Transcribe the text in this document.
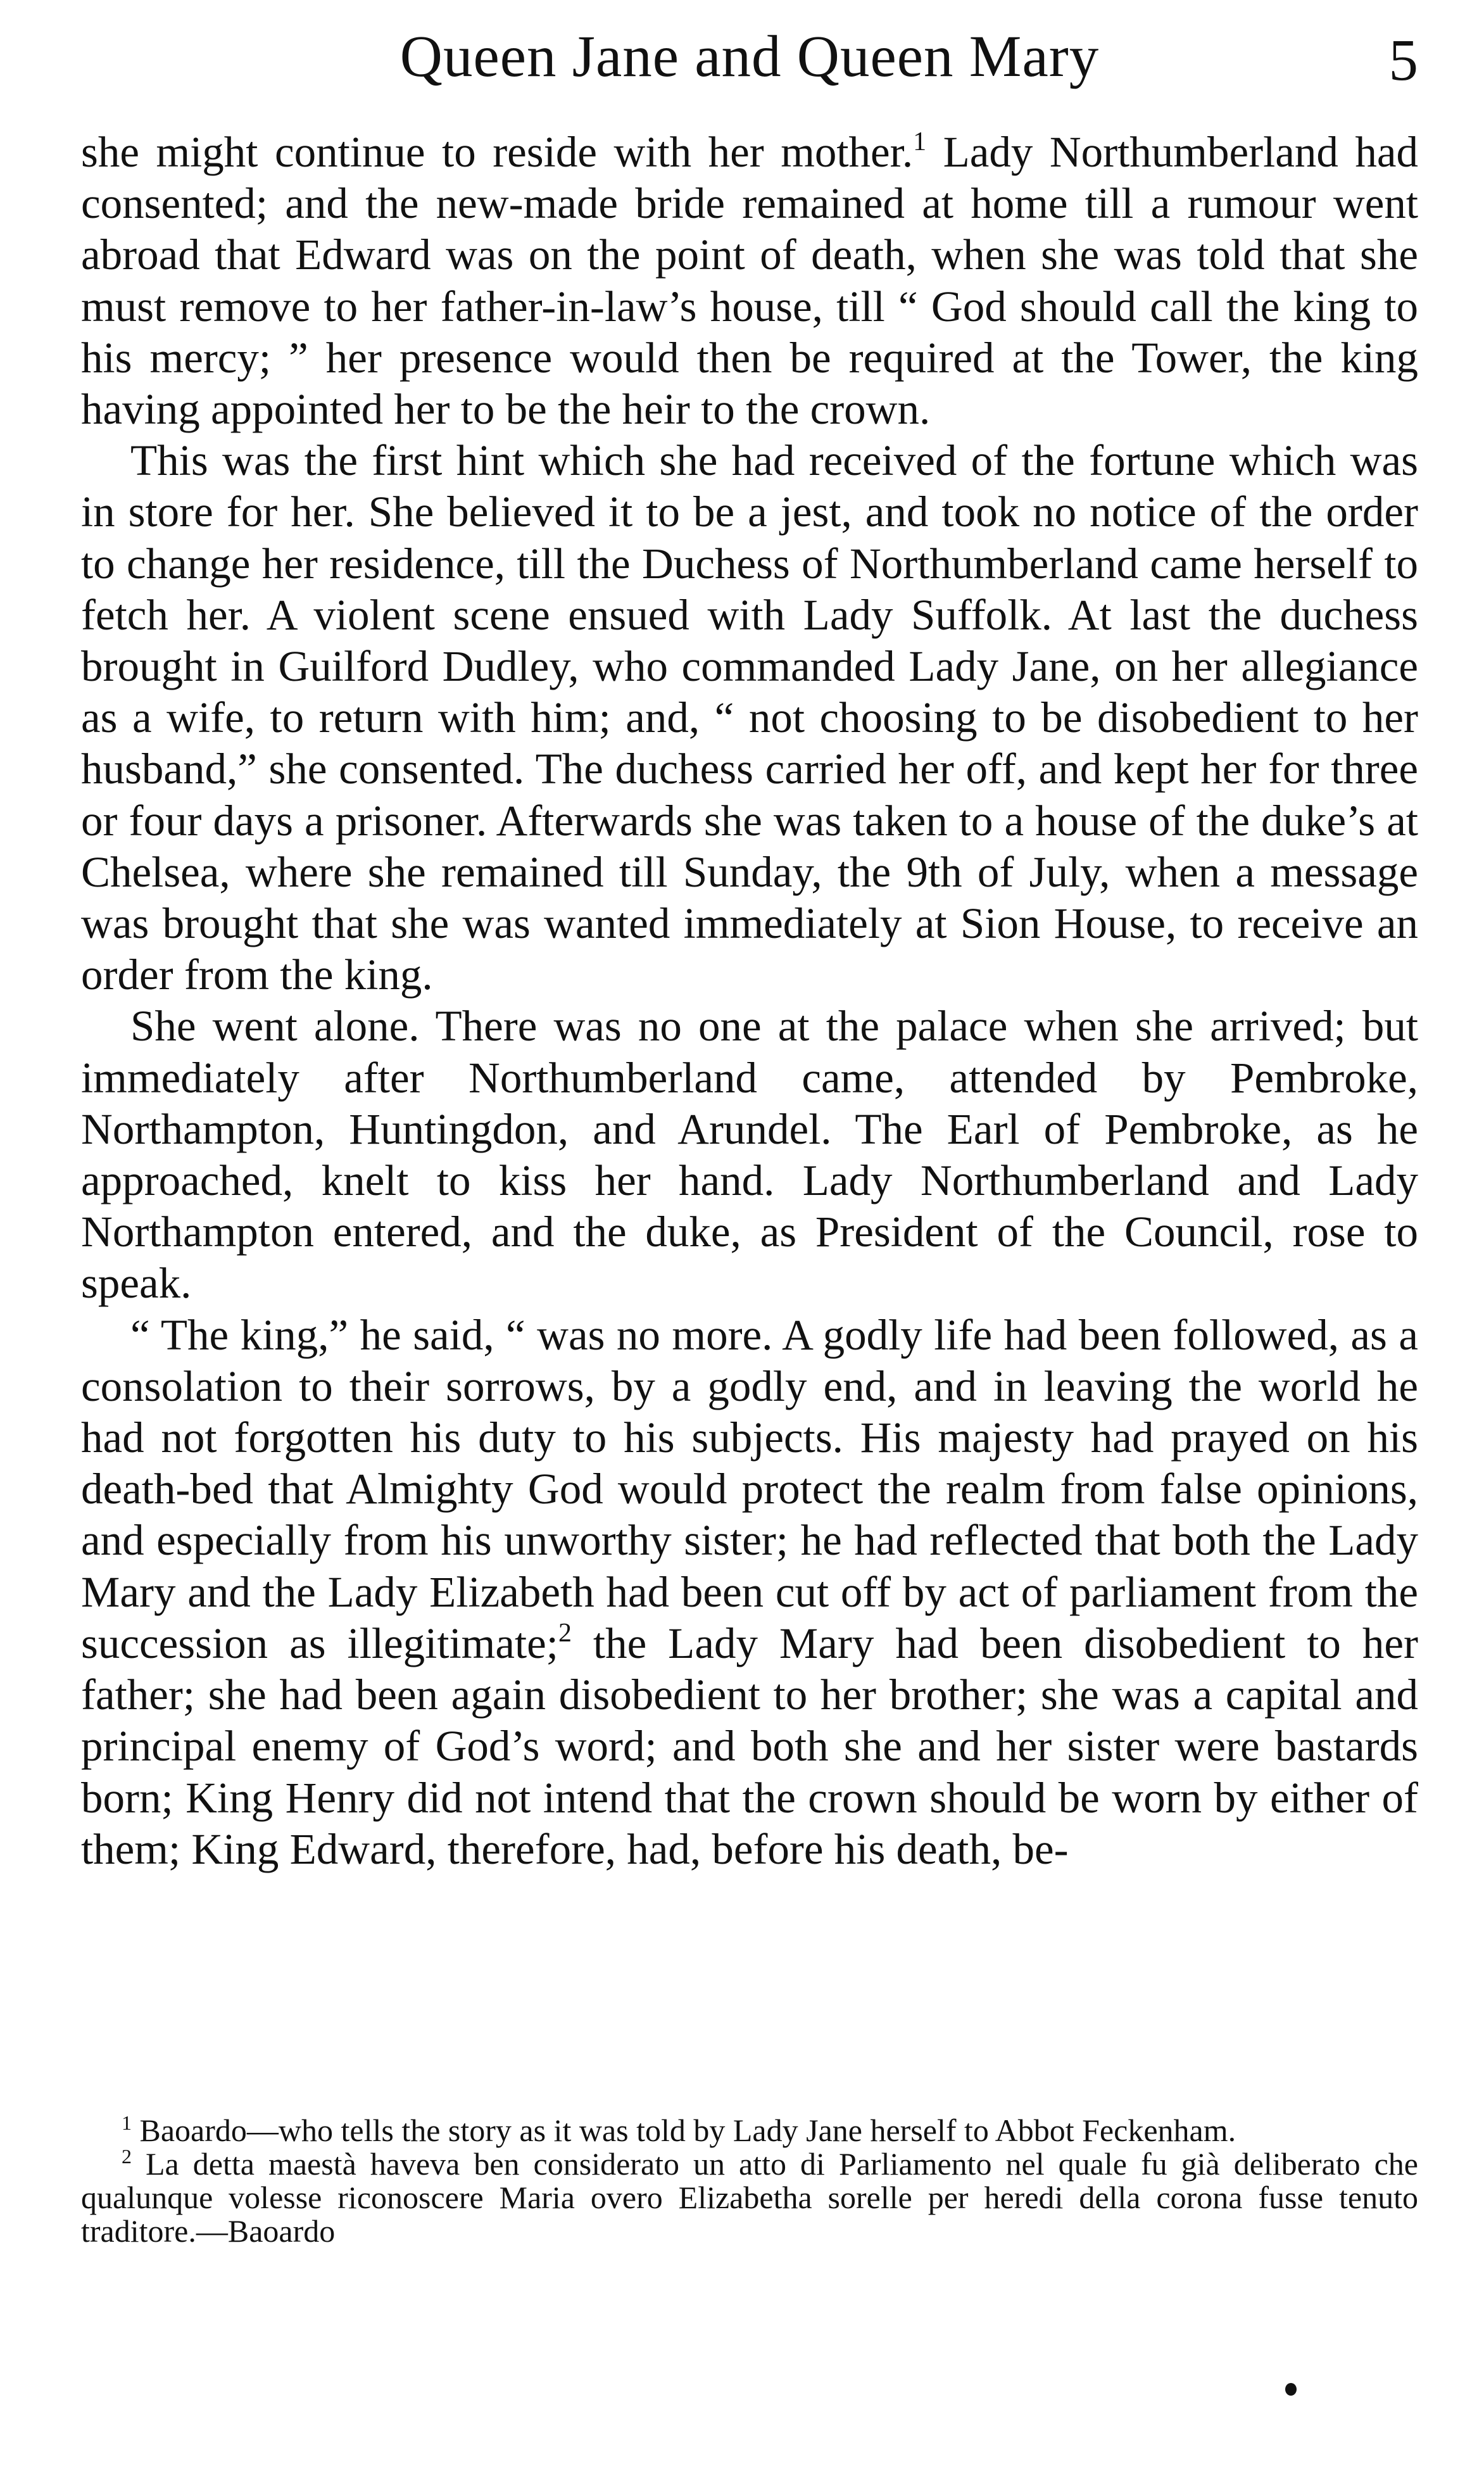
Queen Jane and Queen Mary	5

she might continue to reside with her mother.$^1$ Lady Northumberland had consented; and the new-made bride remained at home till a rumour went abroad that Edward was on the point of death, when she was told that she must remove to her father-in-law’s house, till “ God should call the king to his mercy; ” her presence would then be required at the Tower, the king having appointed her to be the heir to the crown.

This was the first hint which she had received of the fortune which was in store for her. She believed it to be a jest, and took no notice of the order to change her residence, till the Duchess of Northumberland came herself to fetch her. A violent scene ensued with Lady Suffolk. At last the duchess brought in Guilford Dudley, who commanded Lady Jane, on her allegiance as a wife, to return with him; and, “ not choosing to be disobedient to her husband,” she consented. The duchess carried her off, and kept her for three or four days a prisoner. Afterwards she was taken to a house of the duke’s at Chelsea, where she remained till Sunday, the 9th of July, when a message was brought that she was wanted immediately at Sion House, to receive an order from the king.

She went alone. There was no one at the palace when she arrived; but immediately after Northumberland came, attended by Pembroke, Northampton, Huntingdon, and Arundel. The Earl of Pembroke, as he approached, knelt to kiss her hand. Lady Northumberland and Lady Northampton entered, and the duke, as President of the Council, rose to speak.

“ The king,” he said, “ was no more. A godly life had been followed, as a consolation to their sorrows, by a godly end, and in leaving the world he had not forgotten his duty to his subjects. His majesty had prayed on his death-bed that Almighty God would protect the realm from false opinions, and especially from his unworthy sister; he had reflected that both the Lady Mary and the Lady Elizabeth had been cut off by act of parliament from the succession as illegitimate;$^2$ the Lady Mary had been disobedient to her father; she had been again disobedient to her brother; she was a capital and principal enemy of God’s word; and both she and her sister were bastards born; King Henry did not intend that the crown should be worn by either of them; King Edward, therefore, had, before his death, be-

$^1$ Baoardo—who tells the story as it was told by Lady Jane herself to Abbot Feckenham.

$^2$ La detta maestà haveva ben considerato un atto di Parliamento nel quale fu già deliberato che qualunque volesse riconoscere Maria overo Elizabetha sorelle per heredi della corona fusse tenuto traditore.—Baoardo
